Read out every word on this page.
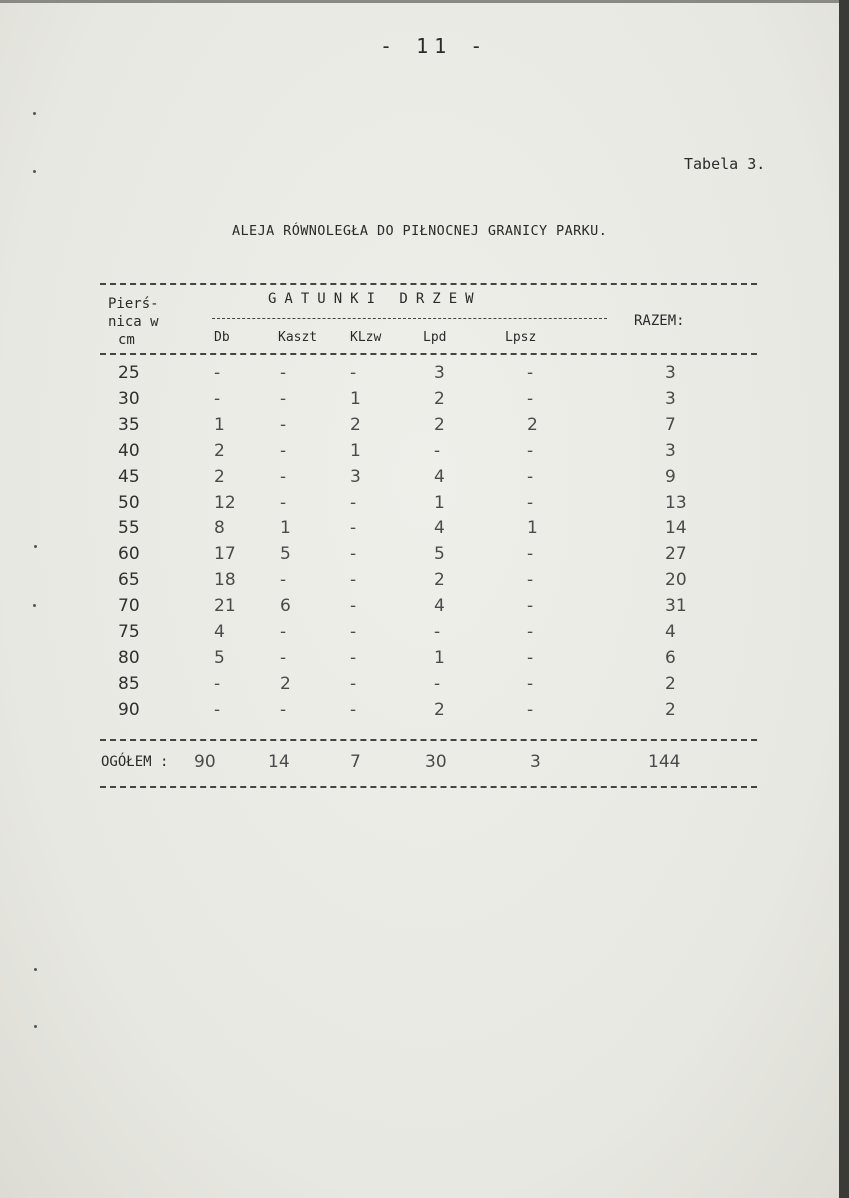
- 11 -
Tabela 3.
ALEJA RÓWNOLEGŁA DO PIŁNOCNEJ GRANICY PARKU.
Pierś-
nica w
cm
GATUNKI DRZEW
RAZEM:
Db	Kaszt	KLzw	Lpd	Lpsz
25	-	-	-	3	-	3
30	-	-	1	2	-	3
35	1	-	2	2	2	7
40	2	-	1	-	-	3
45	2	-	3	4	-	9
50	12	-	-	1	-	13
55	8	1	-	4	1	14
60	17	5	-	5	-	27
65	18	-	-	2	-	20
70	21	6	-	4	-	31
75	4	-	-	-	-	4
80	5	-	-	1	-	6
85	-	2	-	-	-	2
90	-	-	-	2	-	2
OGÓŁEM : 90	14	7	30	3	144
